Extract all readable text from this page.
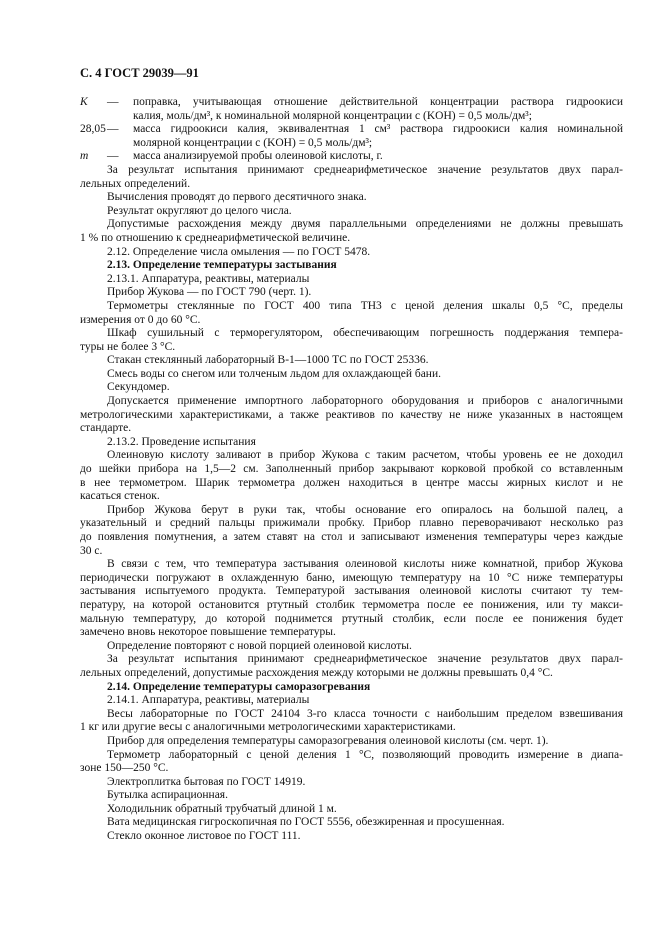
С. 4 ГОСТ 29039—91
K	—	поправка, учитывающая отношение действительной концентрации раствора гидроокиси
калия, моль/дм³, к номинальной молярной концентрации c (KOH) = 0,5 моль/дм³;
28,05 —	масса гидроокиси калия, эквивалентная 1 см³ раствора гидроокиси калия номинальной
молярной концентрации c (KOH) = 0,5 моль/дм³;
m	—	масса анализируемой пробы олеиновой кислоты, г.
За результат испытания принимают среднеарифметическое значение результатов двух парал-
лельных определений.
Вычисления проводят до первого десятичного знака.
Результат округляют до целого числа.
Допустимые расхождения между двумя параллельными определениями не должны превышать
1 % по отношению к среднеарифметической величине.
2.12. Определение числа омыления — по ГОСТ 5478.
2.13. Определение температуры застывания
2.13.1. Аппаратура, реактивы, материалы
Прибор Жукова — по ГОСТ 790 (черт. 1).
Термометры стеклянные по ГОСТ 400 типа ТН3 с ценой деления шкалы 0,5 °С, пределы
измерения от 0 до 60 °С.
Шкаф сушильный с терморегулятором, обеспечивающим погрешность поддержания темпера-
туры не более 3 °С.
Стакан стеклянный лабораторный В-1—1000 ТС по ГОСТ 25336.
Смесь воды со снегом или толченым льдом для охлаждающей бани.
Секундомер.
Допускается применение импортного лабораторного оборудования и приборов с аналогичными
метрологическими характеристиками, а также реактивов по качеству не ниже указанных в настоящем
стандарте.
2.13.2. Проведение испытания
Олеиновую кислоту заливают в прибор Жукова с таким расчетом, чтобы уровень ее не доходил
до шейки прибора на 1,5—2 см. Заполненный прибор закрывают корковой пробкой со вставленным
в нее термометром. Шарик термометра должен находиться в центре массы жирных кислот и не
касаться стенок.
Прибор Жукова берут в руки так, чтобы основание его опиралось на большой палец, а
указательный и средний пальцы прижимали пробку. Прибор плавно переворачивают несколько раз
до появления помутнения, а затем ставят на стол и записывают изменения температуры через каждые
30 с.
В связи с тем, что температура застывания олеиновой кислоты ниже комнатной, прибор Жукова
периодически погружают в охлажденную баню, имеющую температуру на 10 °С ниже температуры
застывания испытуемого продукта. Температурой застывания олеиновой кислоты считают ту тем-
пературу, на которой остановится ртутный столбик термометра после ее понижения, или ту макси-
мальную температуру, до которой поднимется ртутный столбик, если после ее понижения будет
замечено вновь некоторое повышение температуры.
Определение повторяют с новой порцией олеиновой кислоты.
За результат испытания принимают среднеарифметическое значение результатов двух парал-
лельных определений, допустимые расхождения между которыми не должны превышать 0,4 °С.
2.14. Определение температуры саморазогревания
2.14.1. Аппаратура, реактивы, материалы
Весы лабораторные по ГОСТ 24104 3-го класса точности с наибольшим пределом взвешивания
1 кг или другие весы с аналогичными метрологическими характеристиками.
Прибор для определения температуры саморазогревания олеиновой кислоты (см. черт. 1).
Термометр лабораторный с ценой деления 1 °С, позволяющий проводить измерение в диапа-
зоне 150—250 °С.
Электроплитка бытовая по ГОСТ 14919.
Бутылка аспирационная.
Холодильник обратный трубчатый длиной 1 м.
Вата медицинская гигроскопичная по ГОСТ 5556, обезжиренная и просушенная.
Стекло оконное листовое по ГОСТ 111.
